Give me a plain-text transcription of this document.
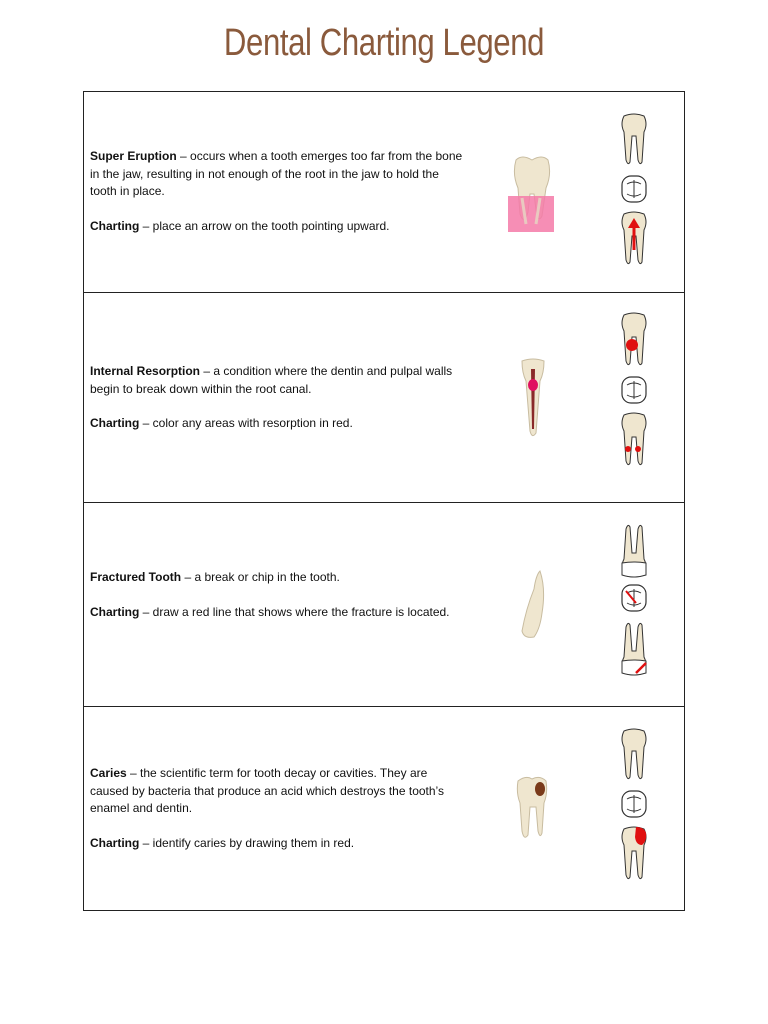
Dental Charting Legend

Super Eruption – occurs when a tooth emerges too far from the bone in the jaw, resulting in not enough of the root in the jaw to hold the tooth in place.

Charting – place an arrow on the tooth pointing upward.

Internal Resorption – a condition where the dentin and pulpal walls begin to break down within the root canal.

Charting – color any areas with resorption in red.

Fractured Tooth – a break or chip in the tooth.

Charting – draw a red line that shows where the fracture is located.

Caries – the scientific term for tooth decay or cavities. They are caused by bacteria that produce an acid which destroys the tooth’s enamel and dentin.

Charting – identify caries by drawing them in red.
